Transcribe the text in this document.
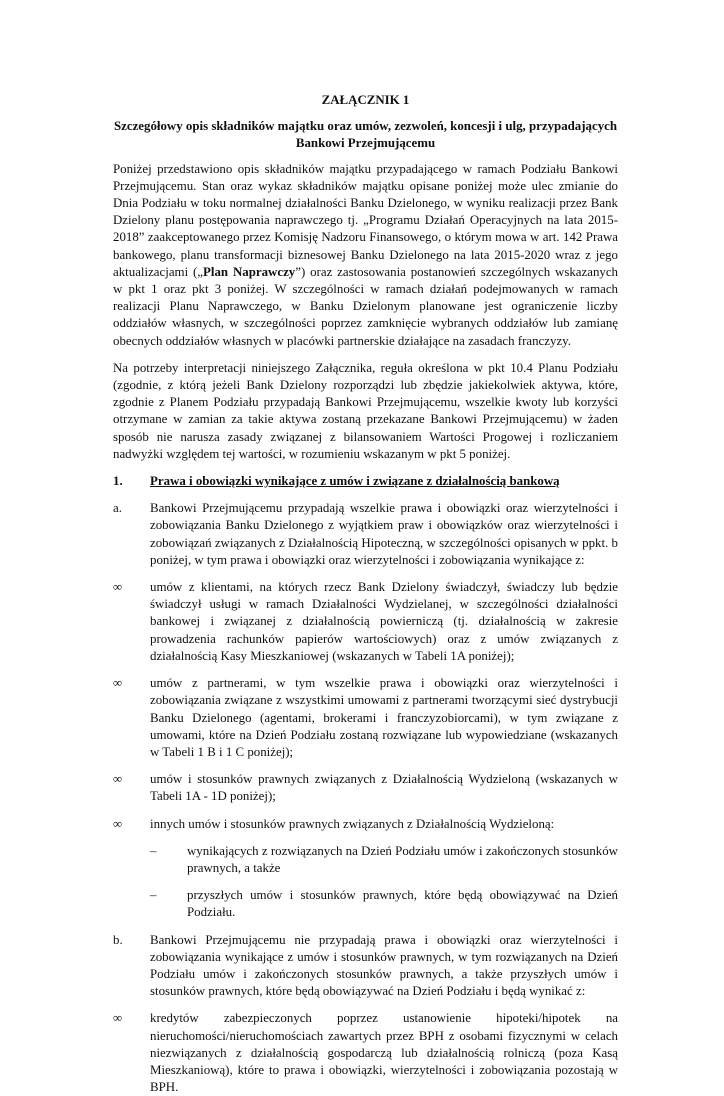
ZAŁĄCZNIK 1
Szczegółowy opis składników majątku oraz umów, zezwoleń, koncesji i ulg, przypadających Bankowi Przejmującemu

Poniżej przedstawiono opis składników majątku przypadającego w ramach Podziału Bankowi Przejmującemu. Stan oraz wykaz składników majątku opisane poniżej może ulec zmianie do Dnia Podziału w toku normalnej działalności Banku Dzielonego, w wyniku realizacji przez Bank Dzielony planu postępowania naprawczego tj. „Programu Działań Operacyjnych na lata 2015-2018” zaakceptowanego przez Komisję Nadzoru Finansowego, o którym mowa w art. 142 Prawa bankowego, planu transformacji biznesowej Banku Dzielonego na lata 2015-2020 wraz z jego aktualizacjami („Plan Naprawczy”) oraz zastosowania postanowień szczególnych wskazanych w pkt 1 oraz pkt 3 poniżej. W szczególności w ramach działań podejmowanych w ramach realizacji Planu Naprawczego, w Banku Dzielonym planowane jest ograniczenie liczby oddziałów własnych, w szczególności poprzez zamknięcie wybranych oddziałów lub zamianę obecnych oddziałów własnych w placówki partnerskie działające na zasadach franczyzy.

Na potrzeby interpretacji niniejszego Załącznika, reguła określona w pkt 10.4 Planu Podziału (zgodnie, z którą jeżeli Bank Dzielony rozporządzi lub zbędzie jakiekolwiek aktywa, które, zgodnie z Planem Podziału przypadają Bankowi Przejmującemu, wszelkie kwoty lub korzyści otrzymane w zamian za takie aktywa zostaną przekazane Bankowi Przejmującemu) w żaden sposób nie narusza zasady związanej z bilansowaniem Wartości Progowej i rozliczaniem nadwyżki względem tej wartości, w rozumieniu wskazanym w pkt 5 poniżej.

1.	Prawa i obowiązki wynikające z umów i związane z działalnością bankową
a.	Bankowi Przejmującemu przypadają wszelkie prawa i obowiązki oraz wierzytelności i zobowiązania Banku Dzielonego z wyjątkiem praw i obowiązków oraz wierzytelności i zobowiązań związanych z Działalnością Hipoteczną, w szczególności opisanych w ppkt. b poniżej, w tym prawa i obowiązki oraz wierzytelności i zobowiązania wynikające z:
∞	umów z klientami, na których rzecz Bank Dzielony świadczył, świadczy lub będzie świadczył usługi w ramach Działalności Wydzielanej, w szczególności działalności bankowej i związanej z działalnością powierniczą (tj. działalnością w zakresie prowadzenia rachunków papierów wartościowych) oraz z umów związanych z działalnością Kasy Mieszkaniowej (wskazanych w Tabeli 1A poniżej);
∞	umów z partnerami, w tym wszelkie prawa i obowiązki oraz wierzytelności i zobowiązania związane z wszystkimi umowami z partnerami tworzącymi sieć dystrybucji Banku Dzielonego (agentami, brokerami i franczyzobiorcami), w tym związane z umowami, które na Dzień Podziału zostaną rozwiązane lub wypowiedziane (wskazanych w Tabeli 1 B i 1 C poniżej);
∞	umów i stosunków prawnych związanych z Działalnością Wydzieloną (wskazanych w Tabeli 1A - 1D poniżej);
∞	innych umów i stosunków prawnych związanych z Działalnością Wydzieloną:
–	wynikających z rozwiązanych na Dzień Podziału umów i zakończonych stosunków prawnych, a także
–	przyszłych umów i stosunków prawnych, które będą obowiązywać na Dzień Podziału.
b.	Bankowi Przejmującemu nie przypadają prawa i obowiązki oraz wierzytelności i zobowiązania wynikające z umów i stosunków prawnych, w tym rozwiązanych na Dzień Podziału umów i zakończonych stosunków prawnych, a także przyszłych umów i stosunków prawnych, które będą obowiązywać na Dzień Podziału i będą wynikać z:
∞	kredytów zabezpieczonych poprzez ustanowienie hipoteki/hipotek na nieruchomości/nieruchomościach zawartych przez BPH z osobami fizycznymi w celach niezwiązanych z działalnością gospodarczą lub działalnością rolniczą (poza Kasą Mieszkaniową), które to prawa i obowiązki, wierzytelności i zobowiązania pozostają w BPH.
